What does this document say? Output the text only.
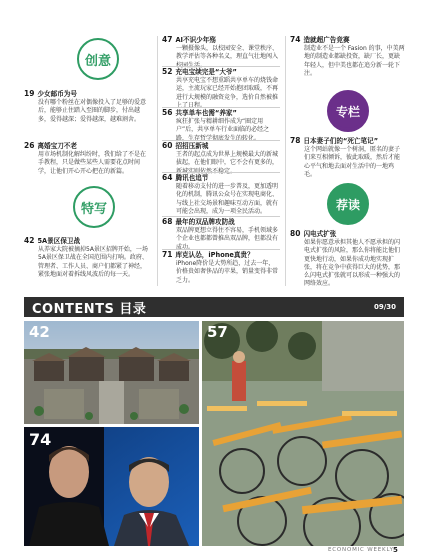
创意
19 少女邮币为号
没有哪个粉丝在对偶像投入了足够的爱意后，能够止住踏入至圈的脚步，付出越多，爱得越深；爱得越深，越难割舍。
26 离婚宝刀不老
用市场机制化解纠纷时，我们给了不是在手教程，只是做些某些人需要花点时间学，让他们开心开心把在的新篇。
特写
42 5A景区保卫战
从养家大院被摘掉5A景区招牌开始，一场5A景区保卫战在全国范围内打响。政府、管理者、工作人员、商户们都紧了神经，紧张地面对着拆线风波后的每一天。
47 AI不识少年殇
一颗摄像头，以校园安全、课堂秩序、教学评估等各种名义，理直气壮地闯入校园生活。
52 充电宝续完是“大爷”
共享充电宝不想重蹈共享单车的烧钱命运，主流玩家已经开始抱团取暖，不再进行大规模的融资竞争，选价自然被推上了日程。
56 共享单车也需“养家”
疯狂扩张与精耕细作成为“圈定用户”后，共享单车行业面临的必经之路，生存哲学彻底发生的转化。
60 招招压新城
王者的起点成为世界上规模最大的新城拔起，在他们眼中，它不会有更多的，新城实则依然不稳定。
64 腾讯也追节
随着移动支付的进一步普及，更加透明化的机制，腾讯公众号在实现电商化、与线上社交场景和趣味互动方面，就有可能会出现，成为一项全民活动。
68 最年的双品牌攻防战
双品牌更想立得住不容易，手机领域多个企业也都都曾推出双品牌，但都没有成功。
71 库克认怂，iPhone真贵？
iPhone降价是大势所趋，过去一年，价格贵如奢侈品的苹果，销量变得非常乏力。
74 造就超广告竞赛
制造业不是一个 Fasion 的事，中美两地的制造业都缺投资，缺厂长，更缺年轻人，但中美也都在追分新一轮下注。
专栏
78 日本妻子们的“死亡笔记”
这个网站就像一个树洞，匿名的妻子们来互相倾诉，彼此取暖，然后才能心平气和地去面对生活中的一地鸡毛。
荐读
80 闪电式扩张
如果你愿意承担其他人不愿承担的闪电式扩张的风险，那么你将能比他们更快地行动，如果你成功地实现扩张，将在竞争中获得巨大的优势，那么闪电式扩张就可以形成一种强大的网络效应。
CONTENTS 目录	09/30
42	57
74
ECONOMIC WEEKLY 5
